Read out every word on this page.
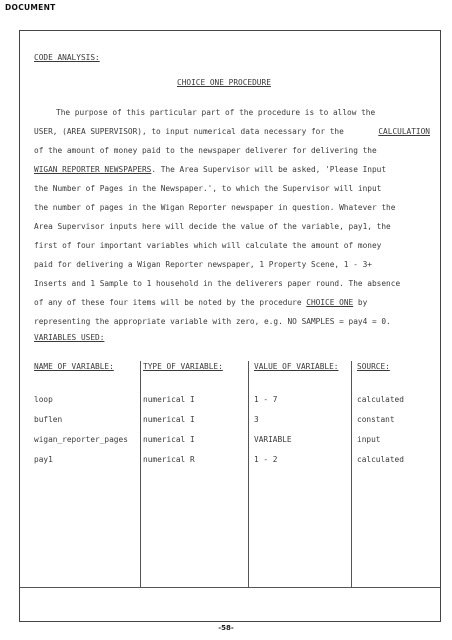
DOCUMENT
CODE ANALYSIS:
CHOICE ONE PROCEDURE
The purpose of this particular part of the procedure is to allow the
USER, (AREA SUPERVISOR), to input numerical data necessary for the	CALCULATION
of the amount of money paid to the newspaper deliverer for delivering the
WIGAN REPORTER NEWSPAPERS. The Area Supervisor will be asked, 'Please Input
the Number of Pages in the Newspaper.', to which the Supervisor will input
the number of pages in the Wigan Reporter newspaper in question. Whatever the
Area Supervisor inputs here will decide the value of the variable, pay1, the
first of four important variables which will calculate the amount of money
paid for delivering a Wigan Reporter newspaper, 1 Property Scene, 1 - 3+
Inserts and 1 Sample to 1 household in the deliverers paper round. The absence
of any of these four items will be noted by the procedure CHOICE ONE by
representing the appropriate variable with zero, e.g. NO SAMPLES = pay4 = 0.
VARIABLES USED:
NAME OF VARIABLE:	TYPE OF VARIABLE:	VALUE OF VARIABLE: SOURCE:
loop	numerical I	1 - 7	calculated
buflen	numerical I	3	constant
wigan_reporter_pages numerical I	VARIABLE	input
pay1	numerical R	1 - 2	calculated
-58-
